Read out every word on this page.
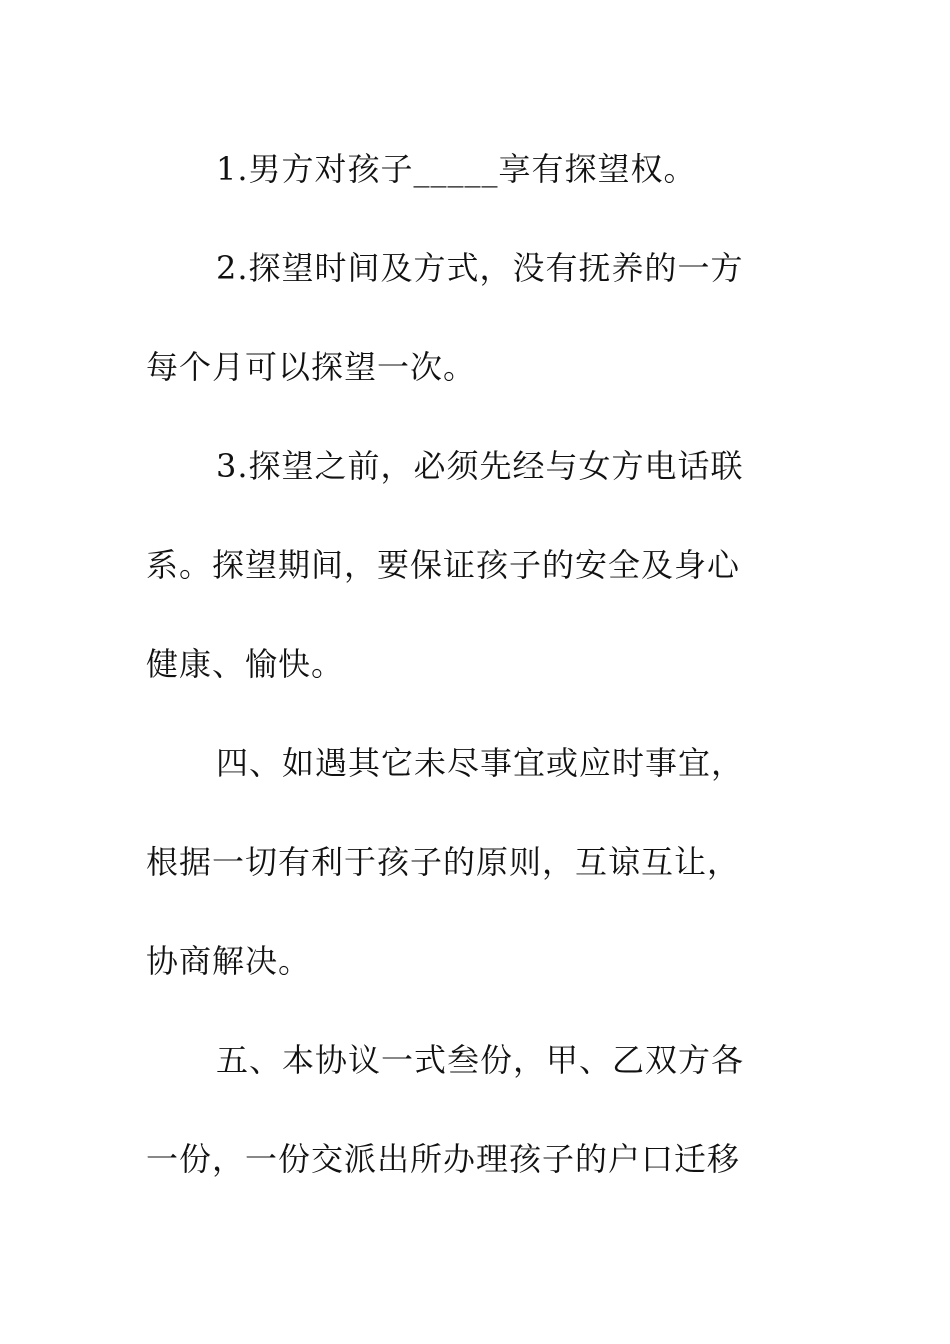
1.男方对孩子_____享有探望权。
2.探望时间及方式，没有抚养的一方
每个月可以探望一次。
3.探望之前，必须先经与女方电话联
系。探望期间，要保证孩子的安全及身心
健康、愉快。
四、如遇其它未尽事宜或应时事宜，
根据一切有利于孩子的原则，互谅互让，
协商解决。
五、本协议一式叁份，甲、乙双方各
一份，一份交派出所办理孩子的户口迁移
